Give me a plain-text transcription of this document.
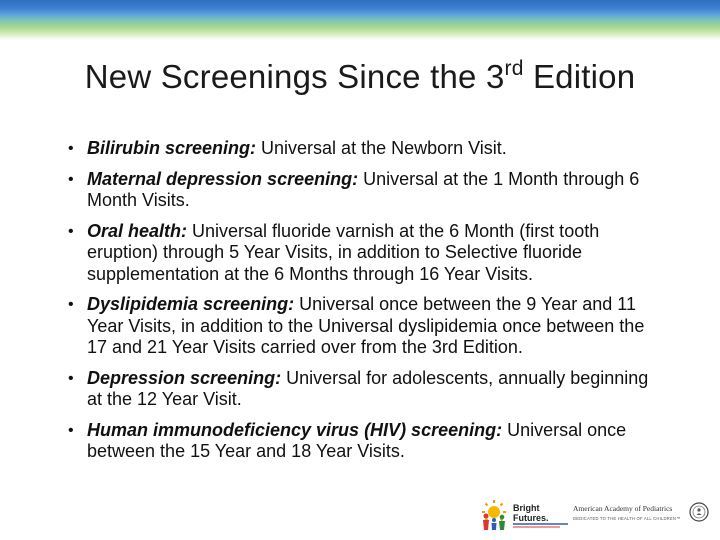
New Screenings Since the 3rd Edition
• Bilirubin screening: Universal at the Newborn Visit.
• Maternal depression screening: Universal at the 1 Month through 6 Month Visits.
• Oral health: Universal fluoride varnish at the 6 Month (first tooth eruption) through 5 Year Visits, in addition to Selective fluoride supplementation at the 6 Months through 16 Year Visits.
• Dyslipidemia screening: Universal once between the 9 Year and 11 Year Visits, in addition to the Universal dyslipidemia once between the 17 and 21 Year Visits carried over from the 3rd Edition.
• Depression screening: Universal for adolescents, annually beginning at the 12 Year Visit.
• Human immunodeficiency virus (HIV) screening: Universal once between the 15 Year and 18 Year Visits.
Bright
Futures.
American Academy of Pediatrics
DEDICATED TO THE HEALTH OF ALL CHILDREN™
